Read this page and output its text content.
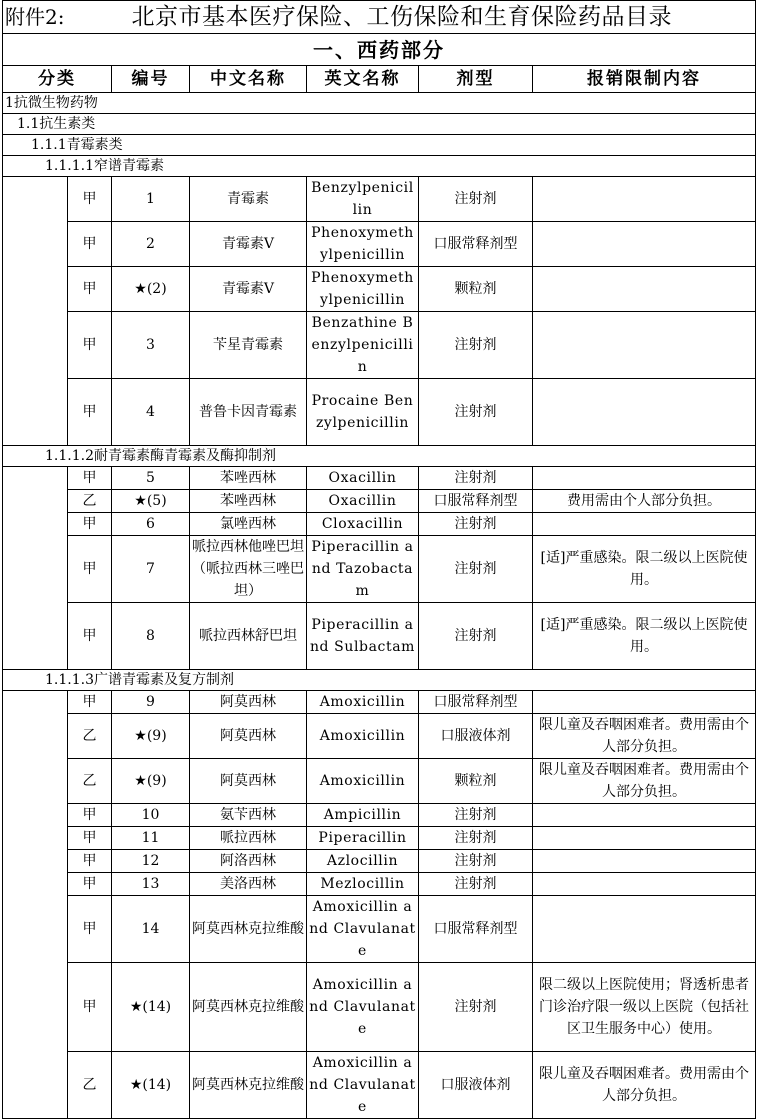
附件2:		北京市基本医疗保险、工伤保险和生育保险药品目录				
一、西药部分						
分类		编号	中文名称	英文名称	剂型	报销限制内容
1抗微生物药物						
1.1抗生素类						
1.1.1青霉素类						
1.1.1.1窄谱青霉素						
	甲	1	青霉素	Benzylpenicillin	注射剂	
	甲	2	青霉素V	Phenoxymethylpenicillin	口服常释剂型	
	甲	★(2)	青霉素V	Phenoxymethylpenicillin	颗粒剂	
	甲	3	苄星青霉素	Benzathine Benzylpenicillin	注射剂	
	甲	4	普鲁卡因青霉素	Procaine Benzylpenicillin	注射剂	
1.1.1.2耐青霉素酶青霉素及酶抑制剂						
	甲	5	苯唑西林	Oxacillin	注射剂	
	乙	★(5)	苯唑西林	Oxacillin	口服常释剂型	费用需由个人部分负担。
	甲	6	氯唑西林	Cloxacillin	注射剂	
	甲	7	哌拉西林他唑巴坦（哌拉西林三唑巴坦）	Piperacillin and Tazobactam	注射剂	[适]严重感染。限二级以上医院使用。
	甲	8	哌拉西林舒巴坦	Piperacillin and Sulbactam	注射剂	[适]严重感染。限二级以上医院使用。
1.1.1.3广谱青霉素及复方制剂						
	甲	9	阿莫西林	Amoxicillin	口服常释剂型	
	乙	★(9)	阿莫西林	Amoxicillin	口服液体剂	限儿童及吞咽困难者。费用需由个人部分负担。
	乙	★(9)	阿莫西林	Amoxicillin	颗粒剂	限儿童及吞咽困难者。费用需由个人部分负担。
	甲	10	氨苄西林	Ampicillin	注射剂	
	甲	11	哌拉西林	Piperacillin	注射剂	
	甲	12	阿洛西林	Azlocillin	注射剂	
	甲	13	美洛西林	Mezlocillin	注射剂	
	甲	14	阿莫西林克拉维酸	Amoxicillin and Clavulanate	口服常释剂型	
	甲	★(14)	阿莫西林克拉维酸	Amoxicillin and Clavulanate	注射剂	限二级以上医院使用；肾透析患者门诊治疗限一级以上医院（包括社区卫生服务中心）使用。
	乙	★(14)	阿莫西林克拉维酸	Amoxicillin and Clavulanate	口服液体剂	限儿童及吞咽困难者。费用需由个人部分负担。
